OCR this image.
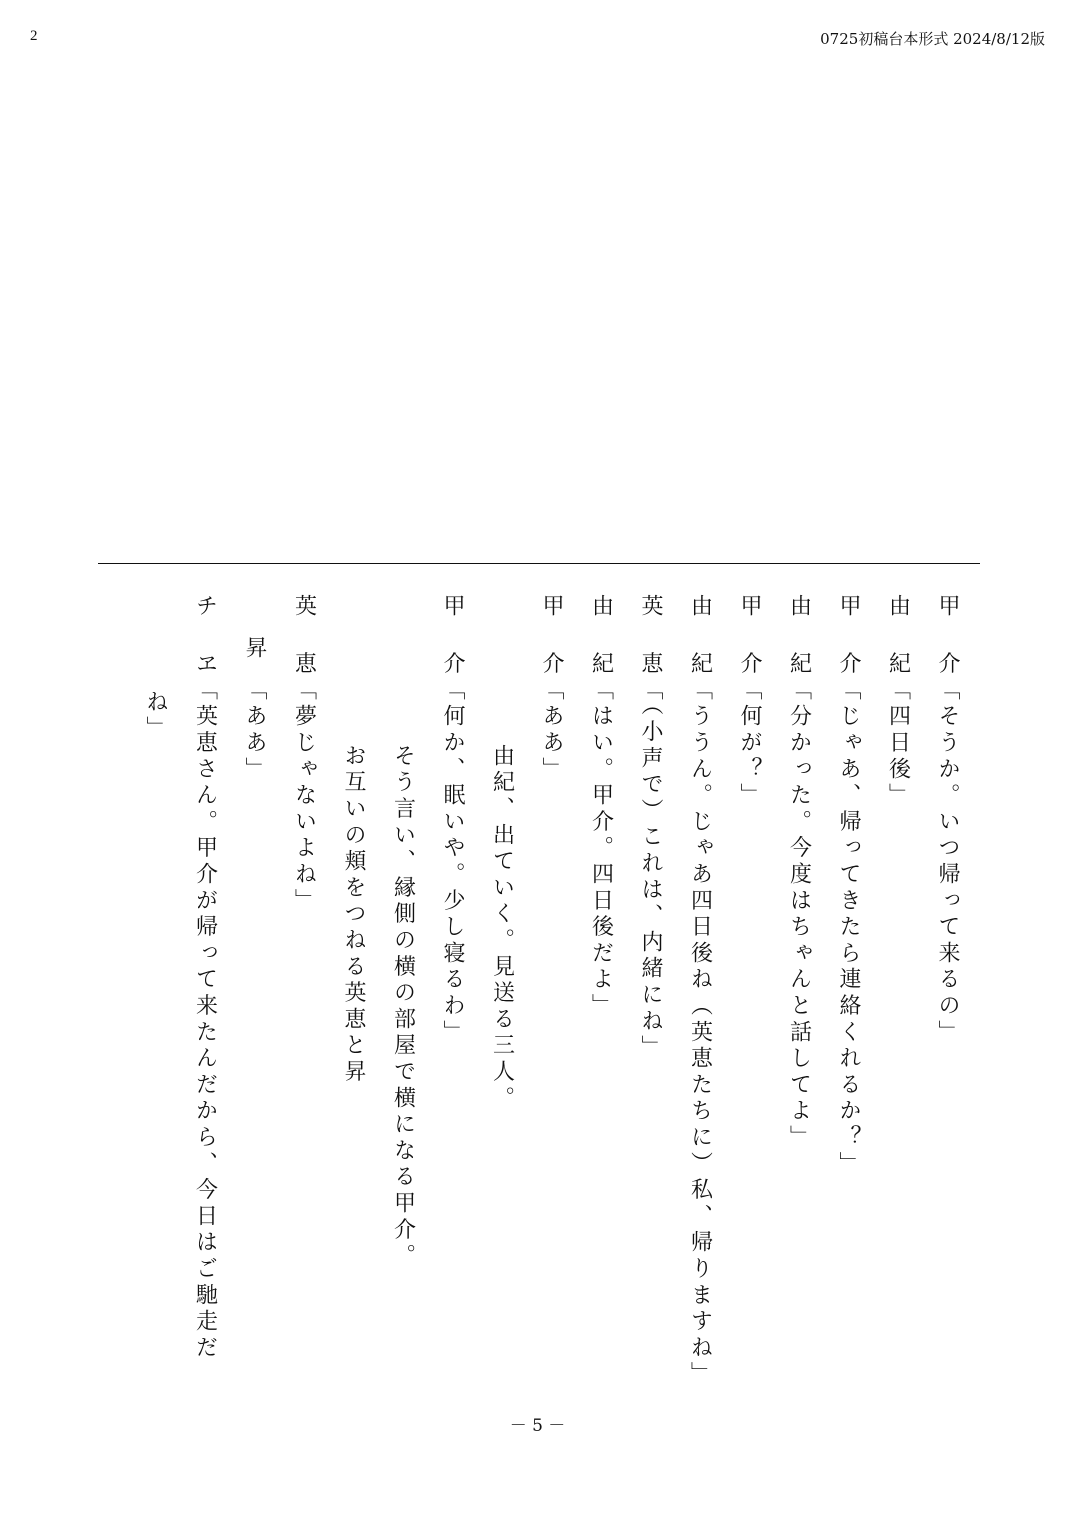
2	0725初稿台本形式 2024/8/12版
甲　介「そうか。いつ帰って来るの」
由　紀「四日後」
甲　介「じゃあ、帰ってきたら連絡くれるか？」
由　紀「分かった。今度はちゃんと話してよ」
甲　介「何が？」
由　紀「ううん。じゃあ四日後ね（英恵たちに）私、帰りますね」
英　恵「（小声で）これは、内緒にね」
由　紀「はい。甲介。四日後だよ」
甲　介「ああ」
由紀、出ていく。見送る三人。
甲　介「何か、眠いや。少し寝るわ」
そう言い、縁側の横の部屋で横になる甲介。
お互いの頬をつねる英恵と昇
英　恵「夢じゃないよね」
昇「ああ」
チ　ヱ「英恵さん。甲介が帰って来たんだから、今日はご馳走だ
ね」
－ 5 －
